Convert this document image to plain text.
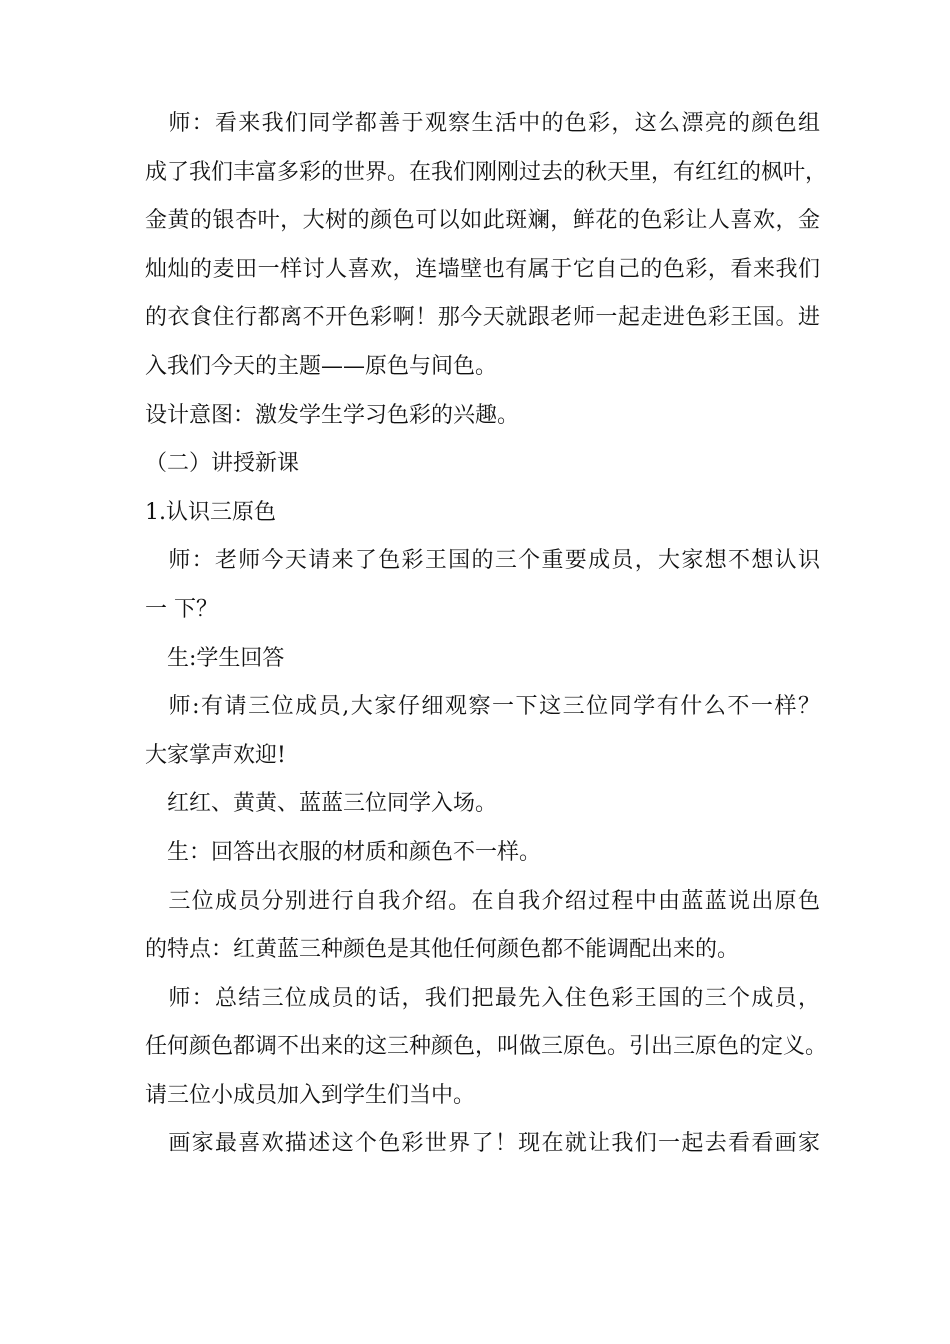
　师：看来我们同学都善于观察生活中的色彩，这么漂亮的颜色组
成了我们丰富多彩的世界。在我们刚刚过去的秋天里，有红红的枫叶，
金黄的银杏叶，大树的颜色可以如此斑斓，鲜花的色彩让人喜欢，金
灿灿的麦田一样讨人喜欢，连墙壁也有属于它自己的色彩，看来我们
的衣食住行都离不开色彩啊！那今天就跟老师一起走进色彩王国。进
入我们今天的主题——原色与间色。

设计意图：激发学生学习色彩的兴趣。

（二）讲授新课

1.认识三原色

　师：老师今天请来了色彩王国的三个重要成员，大家想不想认识
一 下？

　生:学生回答

　师:有请三位成员,大家仔细观察一下这三位同学有什么不一样？
大家掌声欢迎!

　红红、黄黄、蓝蓝三位同学入场。

　生：回答出衣服的材质和颜色不一样。

　三位成员分别进行自我介绍。在自我介绍过程中由蓝蓝说出原色
的特点：红黄蓝三种颜色是其他任何颜色都不能调配出来的。

　师：总结三位成员的话，我们把最先入住色彩王国的三个成员，
任何颜色都调不出来的这三种颜色，叫做三原色。引出三原色的定义。
请三位小成员加入到学生们当中。

　画家最喜欢描述这个色彩世界了！现在就让我们一起去看看画家
